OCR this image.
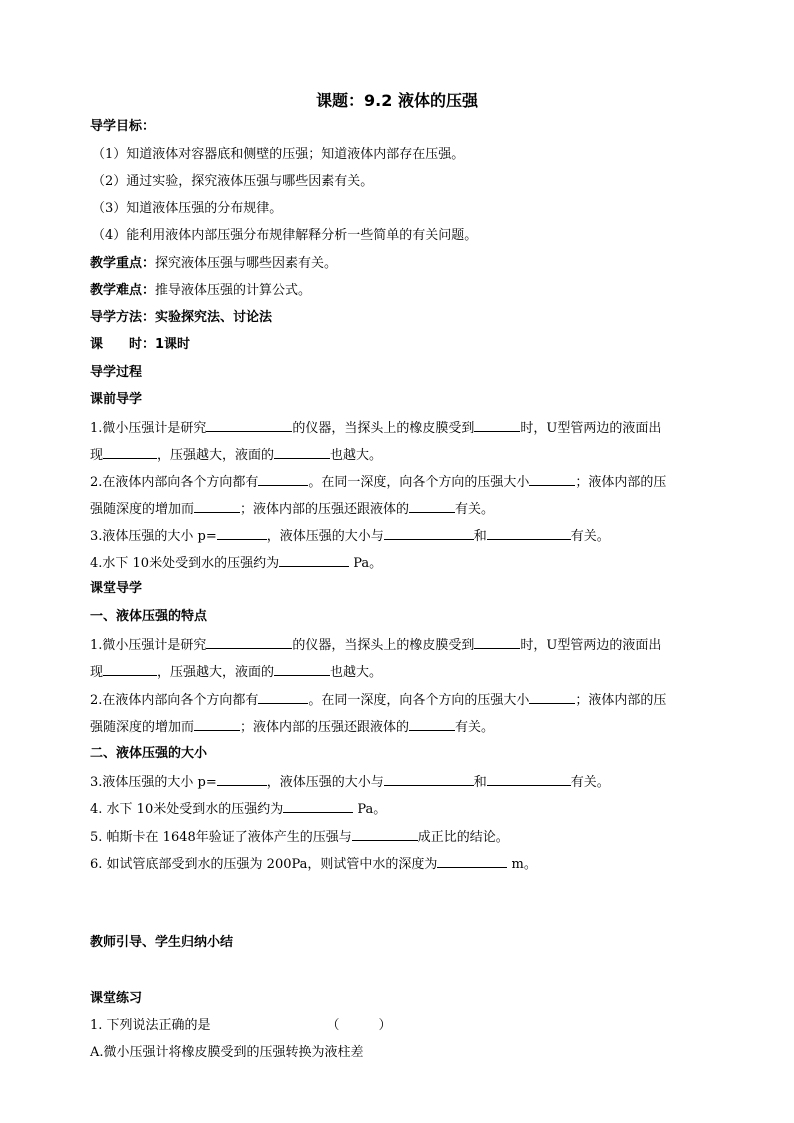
课题：9.2 液体的压强
导学目标：
（1）知道液体对容器底和侧壁的压强；知道液体内部存在压强。
（2）通过实验，探究液体压强与哪些因素有关。
（3）知道液体压强的分布规律。
（4）能利用液体内部压强分布规律解释分析一些简单的有关问题。
教学重点：探究液体压强与哪些因素有关。
教学难点：推导液体压强的计算公式。
导学方法：实验探究法、讨论法
课　　时：1课时
导学过程
课前导学
1.微小压强计是研究	的仪器，当探头上的橡皮膜受到	时，U型管两边的液面出
现	，压强越大，液面的	也越大。
2.在液体内部向各个方向都有	。在同一深度，向各个方向的压强大小	；液体内部的压
强随深度的增加而	；液体内部的压强还跟液体的	有关。
3.液体压强的大小 p=	，液体压强的大小与	和	有关。
4.水下 10米处受到水的压强约为	Pa。
课堂导学
一、液体压强的特点
1.微小压强计是研究	的仪器，当探头上的橡皮膜受到	时，U型管两边的液面出
现	，压强越大，液面的	也越大。
2.在液体内部向各个方向都有	。在同一深度，向各个方向的压强大小	；液体内部的压
强随深度的增加而	；液体内部的压强还跟液体的	有关。
二、液体压强的大小
3.液体压强的大小 p=	，液体压强的大小与	和	有关。
4. 水下 10米处受到水的压强约为	Pa。
5. 帕斯卡在 1648年验证了液体产生的压强与	成正比的结论。
6. 如试管底部受到水的压强为 200Pa，则试管中水的深度为	m。
教师引导、学生归纳小结
课堂练习
1. 下列说法正确的是	（　　　）
A.微小压强计将橡皮膜受到的压强转换为液柱差
